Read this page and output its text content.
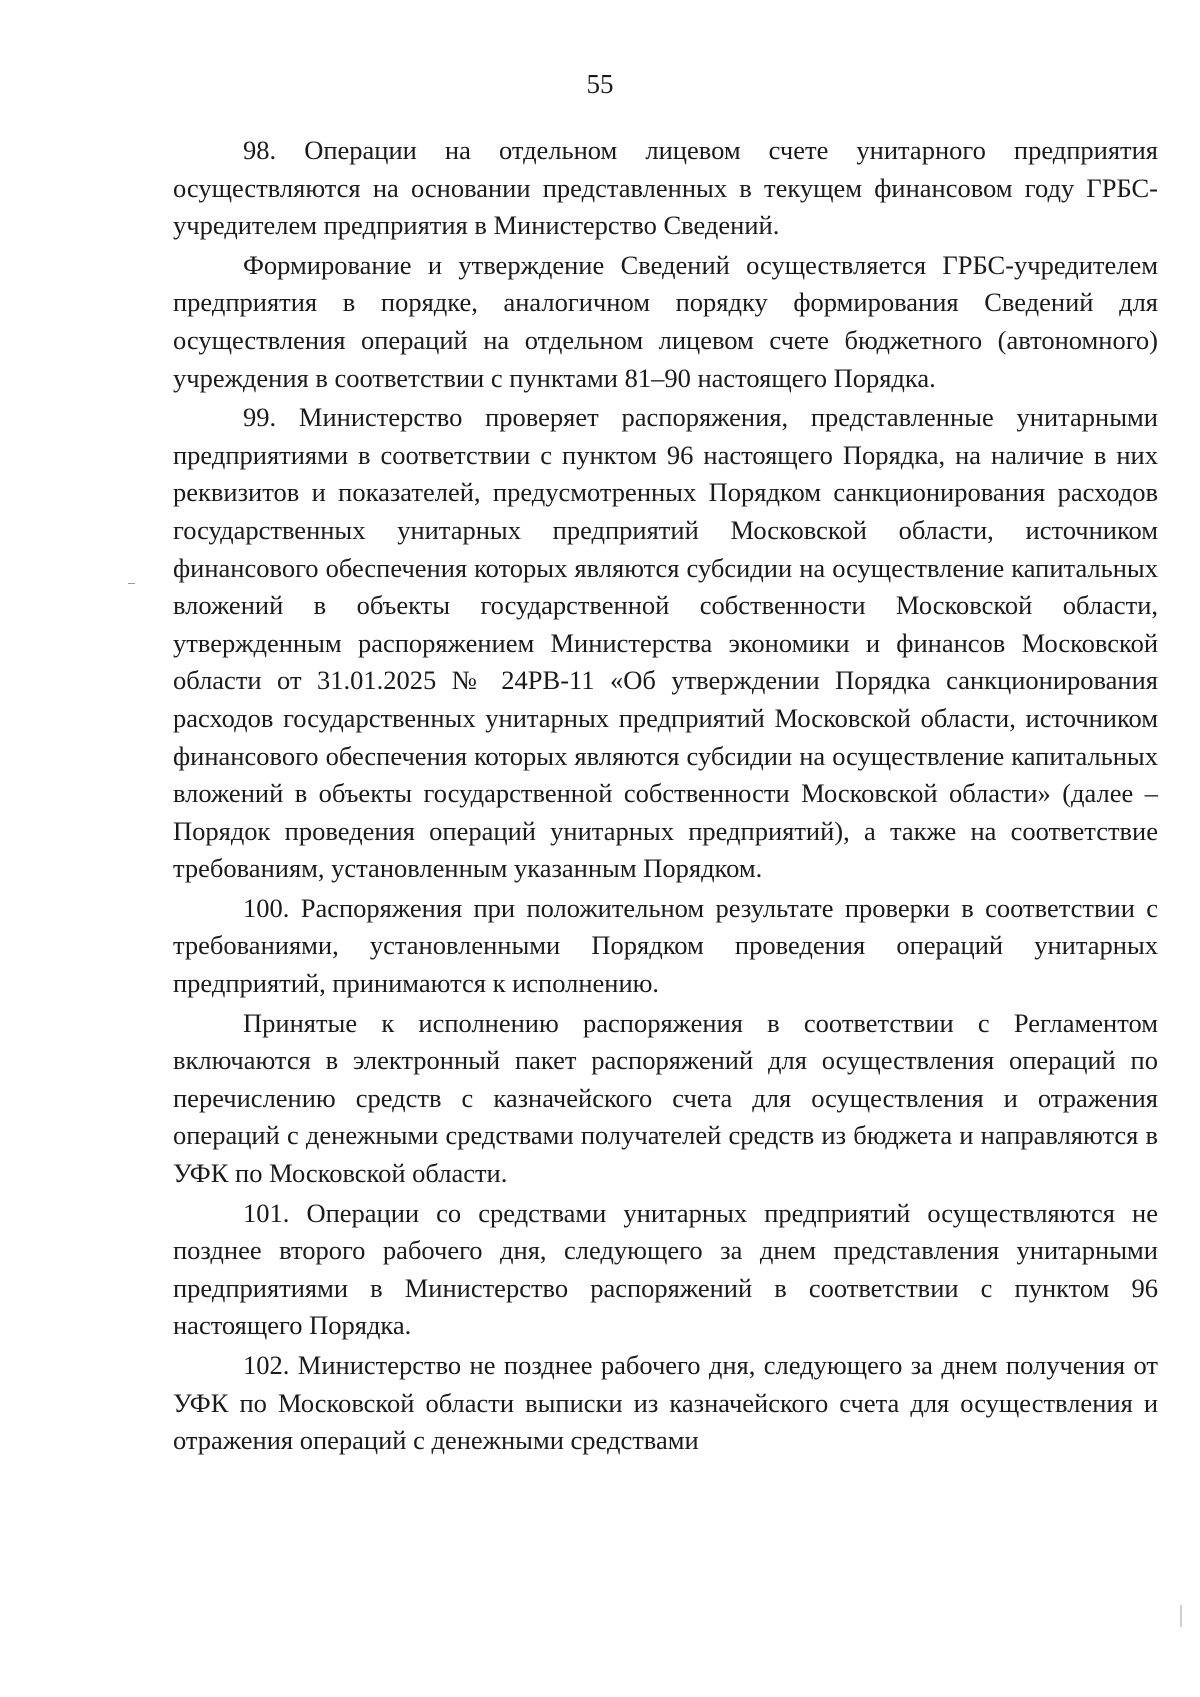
55

98. Операции на отдельном лицевом счете унитарного предприятия осуществляются на основании представленных в текущем финансовом году ГРБС-учредителем предприятия в Министерство Сведений.

Формирование и утверждение Сведений осуществляется ГРБС-учредителем предприятия в порядке, аналогичном порядку формирования Сведений для осуществления операций на отдельном лицевом счете бюджетного (автономного) учреждения в соответствии с пунктами 81–90 настоящего Порядка.

99. Министерство проверяет распоряжения, представленные унитарными предприятиями в соответствии с пунктом 96 настоящего Порядка, на наличие в них реквизитов и показателей, предусмотренных Порядком санкционирования расходов государственных унитарных предприятий Московской области, источником финансового обеспечения которых являются субсидии на осуществление капитальных вложений в объекты государственной собственности Московской области, утвержденным распоряжением Министерства экономики и финансов Московской области от 31.01.2025 № 24РВ-11 «Об утверждении Порядка санкционирования расходов государственных унитарных предприятий Московской области, источником финансового обеспечения которых являются субсидии на осуществление капитальных вложений в объекты государственной собственности Московской области» (далее – Порядок проведения операций унитарных предприятий), а также на соответствие требованиям, установленным указанным Порядком.

100. Распоряжения при положительном результате проверки в соответствии с требованиями, установленными Порядком проведения операций унитарных предприятий, принимаются к исполнению.

Принятые к исполнению распоряжения в соответствии с Регламентом включаются в электронный пакет распоряжений для осуществления операций по перечислению средств с казначейского счета для осуществления и отражения операций с денежными средствами получателей средств из бюджета и направляются в УФК по Московской области.

101. Операции со средствами унитарных предприятий осуществляются не позднее второго рабочего дня, следующего за днем представления унитарными предприятиями в Министерство распоряжений в соответствии с пунктом 96 настоящего Порядка.

102. Министерство не позднее рабочего дня, следующего за днем получения от УФК по Московской области выписки из казначейского счета для осуществления и отражения операций с денежными средствами
